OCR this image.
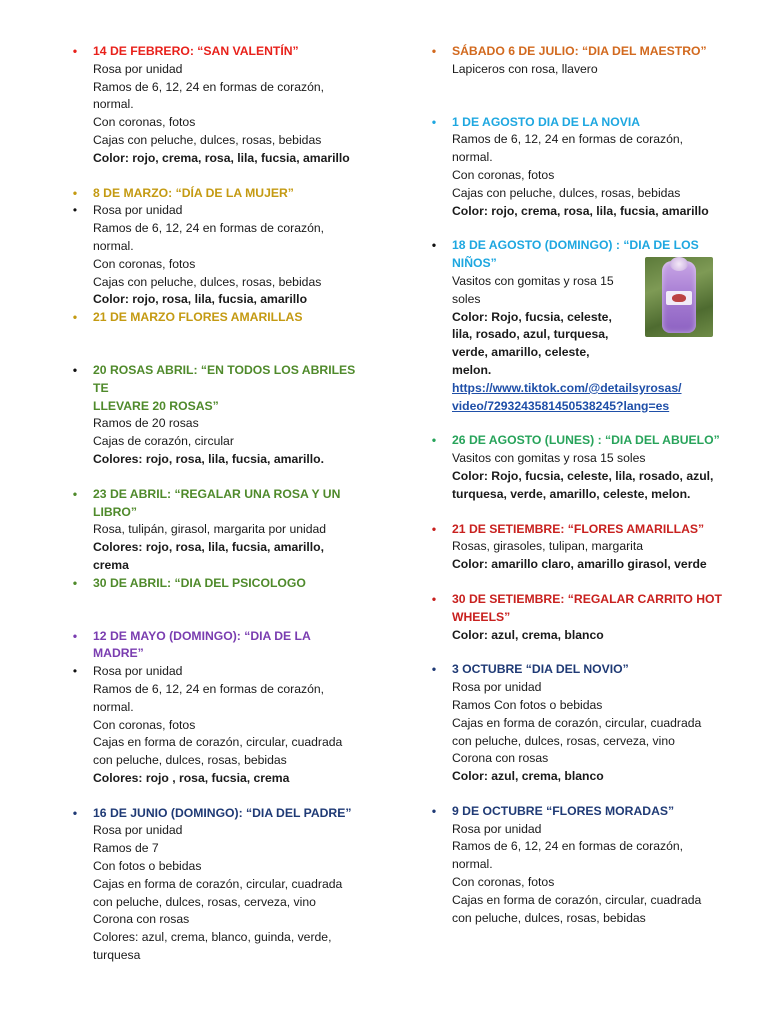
•	14 DE FEBRERO: “SAN VALENTÍN”
Rosa por unidad
Ramos de 6, 12, 24 en formas de corazón,
normal.
Con coronas, fotos
Cajas con peluche, dulces, rosas, bebidas
Color: rojo, crema, rosa, lila, fucsia, amarillo
•	8 DE MARZO: “DÍA DE LA MUJER”
•	Rosa por unidad
Ramos de 6, 12, 24 en formas de corazón,
normal.
Con coronas, fotos
Cajas con peluche, dulces, rosas, bebidas
Color: rojo, rosa, lila, fucsia, amarillo
•	21 DE MARZO FLORES AMARILLAS
•	20 ROSAS ABRIL: “EN TODOS LOS ABRILES TE
LLEVARE 20 ROSAS”
Ramos de 20 rosas
Cajas de corazón, circular
Colores: rojo, rosa, lila, fucsia, amarillo.
•	23 DE ABRIL: “REGALAR UNA ROSA Y UN
LIBRO”
Rosa, tulipán, girasol, margarita por unidad
Colores: rojo, rosa, lila, fucsia, amarillo,
crema
•	30 DE ABRIL: “DIA DEL PSICOLOGO
•	12 DE MAYO (DOMINGO): “DIA DE LA
MADRE”
•	Rosa por unidad
Ramos de 6, 12, 24 en formas de corazón,
normal.
Con coronas, fotos
Cajas en forma de corazón, circular, cuadrada
con peluche, dulces, rosas, bebidas
Colores: rojo , rosa, fucsia, crema
•	16 DE JUNIO (DOMINGO): “DIA DEL PADRE”
Rosa por unidad
Ramos de 7
Con fotos o bebidas
Cajas en forma de corazón, circular, cuadrada
con peluche, dulces, rosas, cerveza, vino
Corona con rosas
Colores: azul, crema, blanco, guinda, verde,
turquesa
•	SÁBADO 6 DE JULIO: “DIA DEL MAESTRO”
Lapiceros con rosa, llavero
•	1 DE AGOSTO DIA DE LA NOVIA
Ramos de 6, 12, 24 en formas de corazón,
normal.
Con coronas, fotos
Cajas con peluche, dulces, rosas, bebidas
Color: rojo, crema, rosa, lila, fucsia, amarillo
•	18 DE AGOSTO (DOMINGO) : “DIA DE LOS
NIÑOS”
Vasitos con gomitas y rosa 15
soles
Color: Rojo, fucsia, celeste,
lila, rosado, azul, turquesa,
verde, amarillo, celeste,
melon.
https://www.tiktok.com/@detailsyrosas/
video/7293243581450538245?lang=es
•	26 DE AGOSTO (LUNES) : “DIA DEL ABUELO”
Vasitos con gomitas y rosa 15 soles
Color: Rojo, fucsia, celeste, lila, rosado, azul,
turquesa, verde, amarillo, celeste, melon.
•	21 DE SETIEMBRE: “FLORES AMARILLAS”
Rosas, girasoles, tulipan, margarita
Color: amarillo claro, amarillo girasol, verde
•	30 DE SETIEMBRE: “REGALAR CARRITO HOT
WHEELS”
Color: azul, crema, blanco
•	3 OCTUBRE “DIA DEL NOVIO”
Rosa por unidad
Ramos Con fotos o bebidas
Cajas en forma de corazón, circular, cuadrada
con peluche, dulces, rosas, cerveza, vino
Corona con rosas
Color: azul, crema, blanco
•	9 DE OCTUBRE “FLORES MORADAS”
Rosa por unidad
Ramos de 6, 12, 24 en formas de corazón,
normal.
Con coronas, fotos
Cajas en forma de corazón, circular, cuadrada
con peluche, dulces, rosas, bebidas
